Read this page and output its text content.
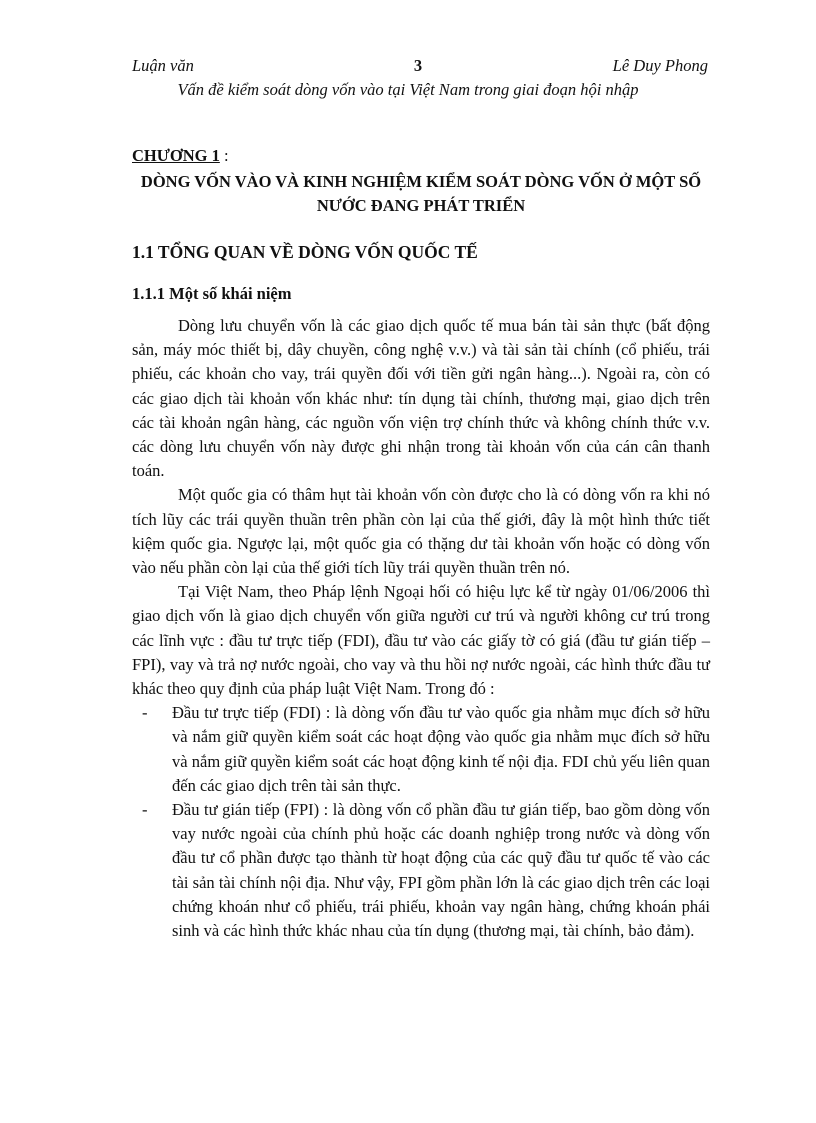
Luận văn	3	Lê Duy Phong
Vấn đề kiểm soát dòng vốn vào tại Việt Nam trong giai đoạn hội nhập
CHƯƠNG 1 :
DÒNG VỐN VÀO VÀ KINH NGHIỆM KIỂM SOÁT DÒNG VỐN Ở MỘT SỐ NƯỚC ĐANG PHÁT TRIỂN
1.1 TỔNG QUAN VỀ DÒNG VỐN QUỐC TẾ
1.1.1 Một số khái niệm

Dòng lưu chuyển vốn là các giao dịch quốc tế mua bán tài sản thực (bất động sản, máy móc thiết bị, dây chuyền, công nghệ v.v.) và tài sản tài chính (cổ phiếu, trái phiếu, các khoản cho vay, trái quyền đối với tiền gửi ngân hàng...). Ngoài ra, còn có các giao dịch tài khoản vốn khác như: tín dụng tài chính, thương mại, giao dịch trên các tài khoản ngân hàng, các nguồn vốn viện trợ chính thức và không chính thức v.v. các dòng lưu chuyển vốn này được ghi nhận trong tài khoản vốn của cán cân thanh toán.

Một quốc gia có thâm hụt tài khoản vốn còn được cho là có dòng vốn ra khi nó tích lũy các trái quyền thuần trên phần còn lại của thế giới, đây là một hình thức tiết kiệm quốc gia. Ngược lại, một quốc gia có thặng dư tài khoản vốn hoặc có dòng vốn vào nếu phần còn lại của thế giới tích lũy trái quyền thuần trên nó.

Tại Việt Nam, theo Pháp lệnh Ngoại hối có hiệu lực kể từ ngày 01/06/2006 thì giao dịch vốn là giao dịch chuyển vốn giữa người cư trú và người không cư trú trong các lĩnh vực : đầu tư trực tiếp (FDI), đầu tư vào các giấy tờ có giá (đầu tư gián tiếp –FPI), vay và trả nợ nước ngoài, cho vay và thu hồi nợ nước ngoài, các hình thức đầu tư khác theo quy định của pháp luật Việt Nam. Trong đó :

- Đầu tư trực tiếp (FDI) : là dòng vốn đầu tư vào quốc gia nhằm mục đích sở hữu và nắm giữ quyền kiểm soát các hoạt động vào quốc gia nhằm mục đích sở hữu và nắm giữ quyền kiểm soát các hoạt động kinh tế nội địa. FDI chủ yếu liên quan đến các giao dịch trên tài sản thực.
- Đầu tư gián tiếp (FPI) : là dòng vốn cổ phần đầu tư gián tiếp, bao gồm dòng vốn vay nước ngoài của chính phủ hoặc các doanh nghiệp trong nước và dòng vốn đầu tư cổ phần được tạo thành từ hoạt động của các quỹ đầu tư quốc tế vào các tài sản tài chính nội địa. Như vậy, FPI gồm phần lớn là các giao dịch trên các loại chứng khoán như cổ phiếu, trái phiếu, khoản vay ngân hàng, chứng khoán phái sinh và các hình thức khác nhau của tín dụng (thương mại, tài chính, bảo đảm).
